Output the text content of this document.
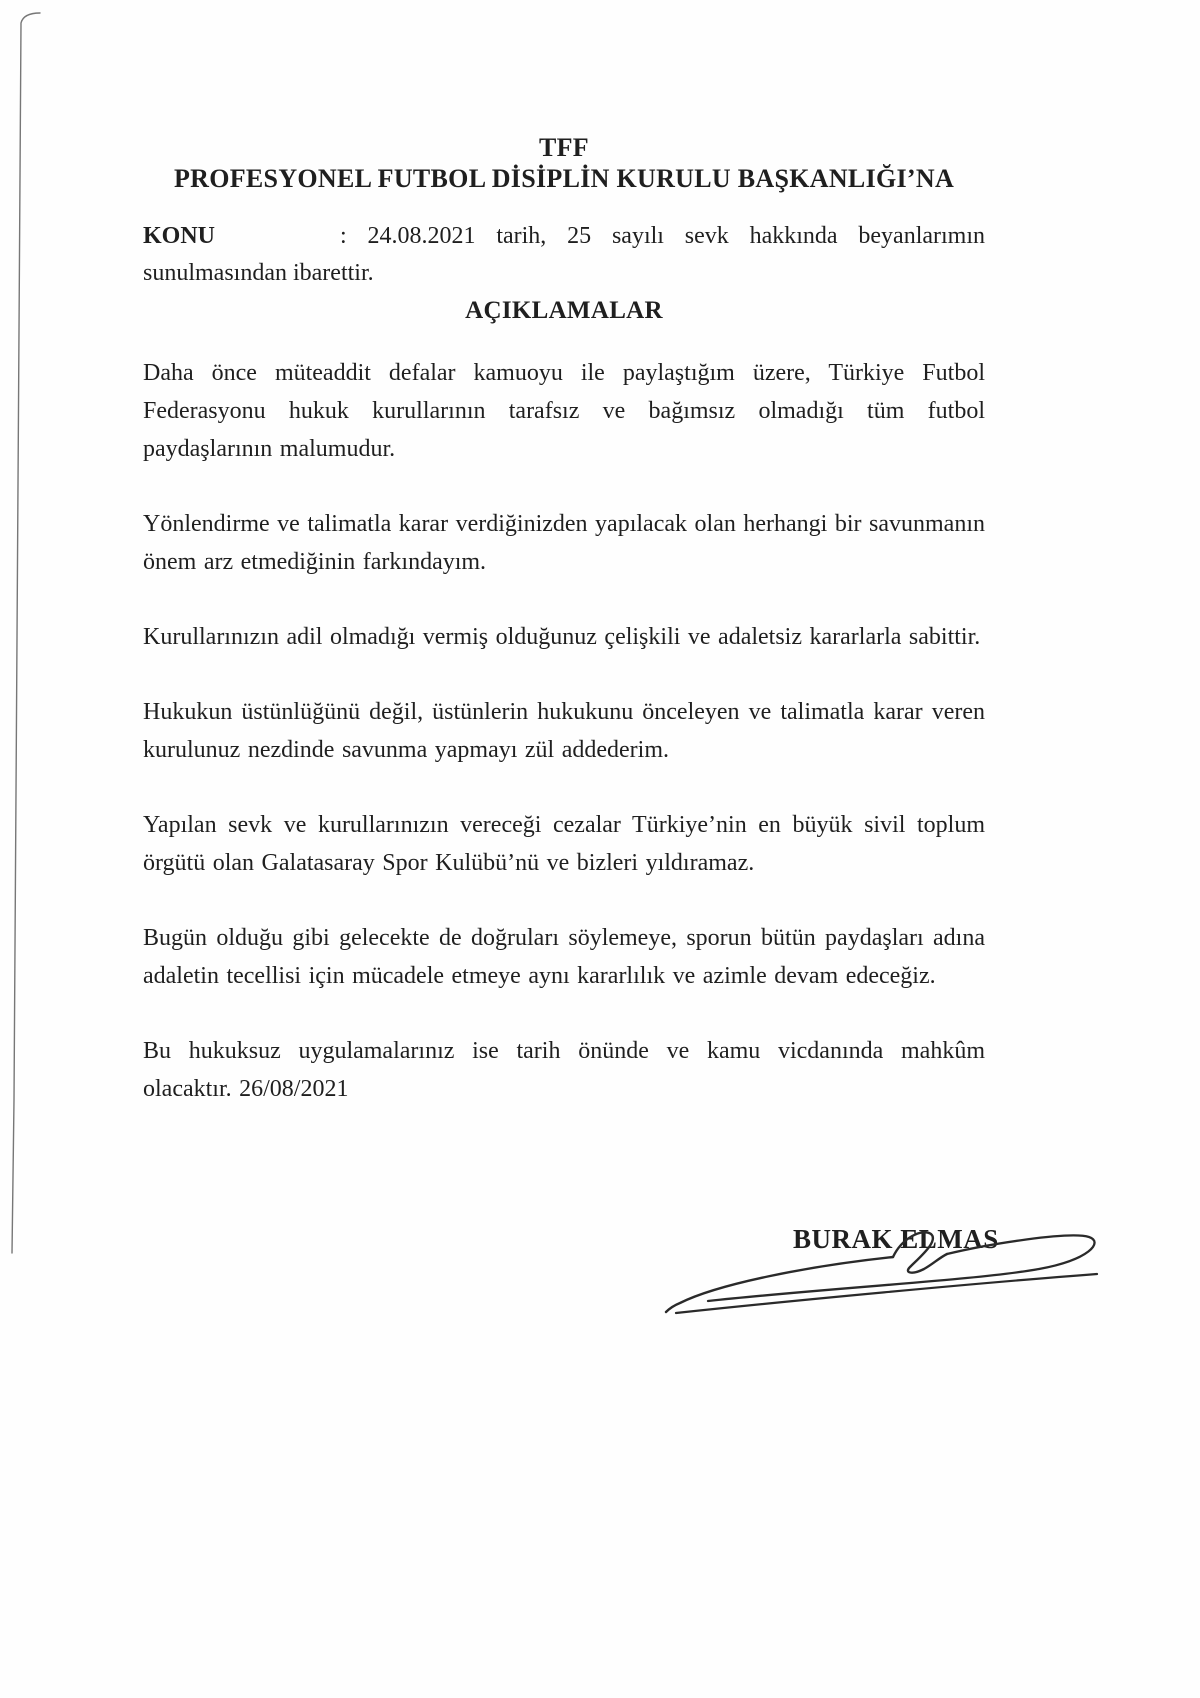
TFF
PROFESYONEL FUTBOL DİSİPLİN KURULU BAŞKANLIĞI’NA

KONU	: 24.08.2021 tarih, 25 sayılı sevk hakkında beyanlarımın sunulmasından ibarettir.

AÇIKLAMALAR

Daha önce müteaddit defalar kamuoyu ile paylaştığım üzere, Türkiye Futbol Federasyonu hukuk kurullarının tarafsız ve bağımsız olmadığı tüm futbol paydaşlarının malumudur.

Yönlendirme ve talimatla karar verdiğinizden yapılacak olan herhangi bir savunmanın önem arz etmediğinin farkındayım.

Kurullarınızın adil olmadığı vermiş olduğunuz çelişkili ve adaletsiz kararlarla sabittir.

Hukukun üstünlüğünü değil, üstünlerin hukukunu önceleyen ve talimatla karar veren kurulunuz nezdinde savunma yapmayı zül addederim.

Yapılan sevk ve kurullarınızın vereceği cezalar Türkiye’nin en büyük sivil toplum örgütü olan Galatasaray Spor Kulübü’nü ve bizleri yıldıramaz.

Bugün olduğu gibi gelecekte de doğruları söylemeye, sporun bütün paydaşları adına adaletin tecellisi için mücadele etmeye aynı kararlılık ve azimle devam edeceğiz.

Bu hukuksuz uygulamalarınız ise tarih önünde ve kamu vicdanında mahkûm olacaktır. 26/08/2021

BURAK ELMAS
